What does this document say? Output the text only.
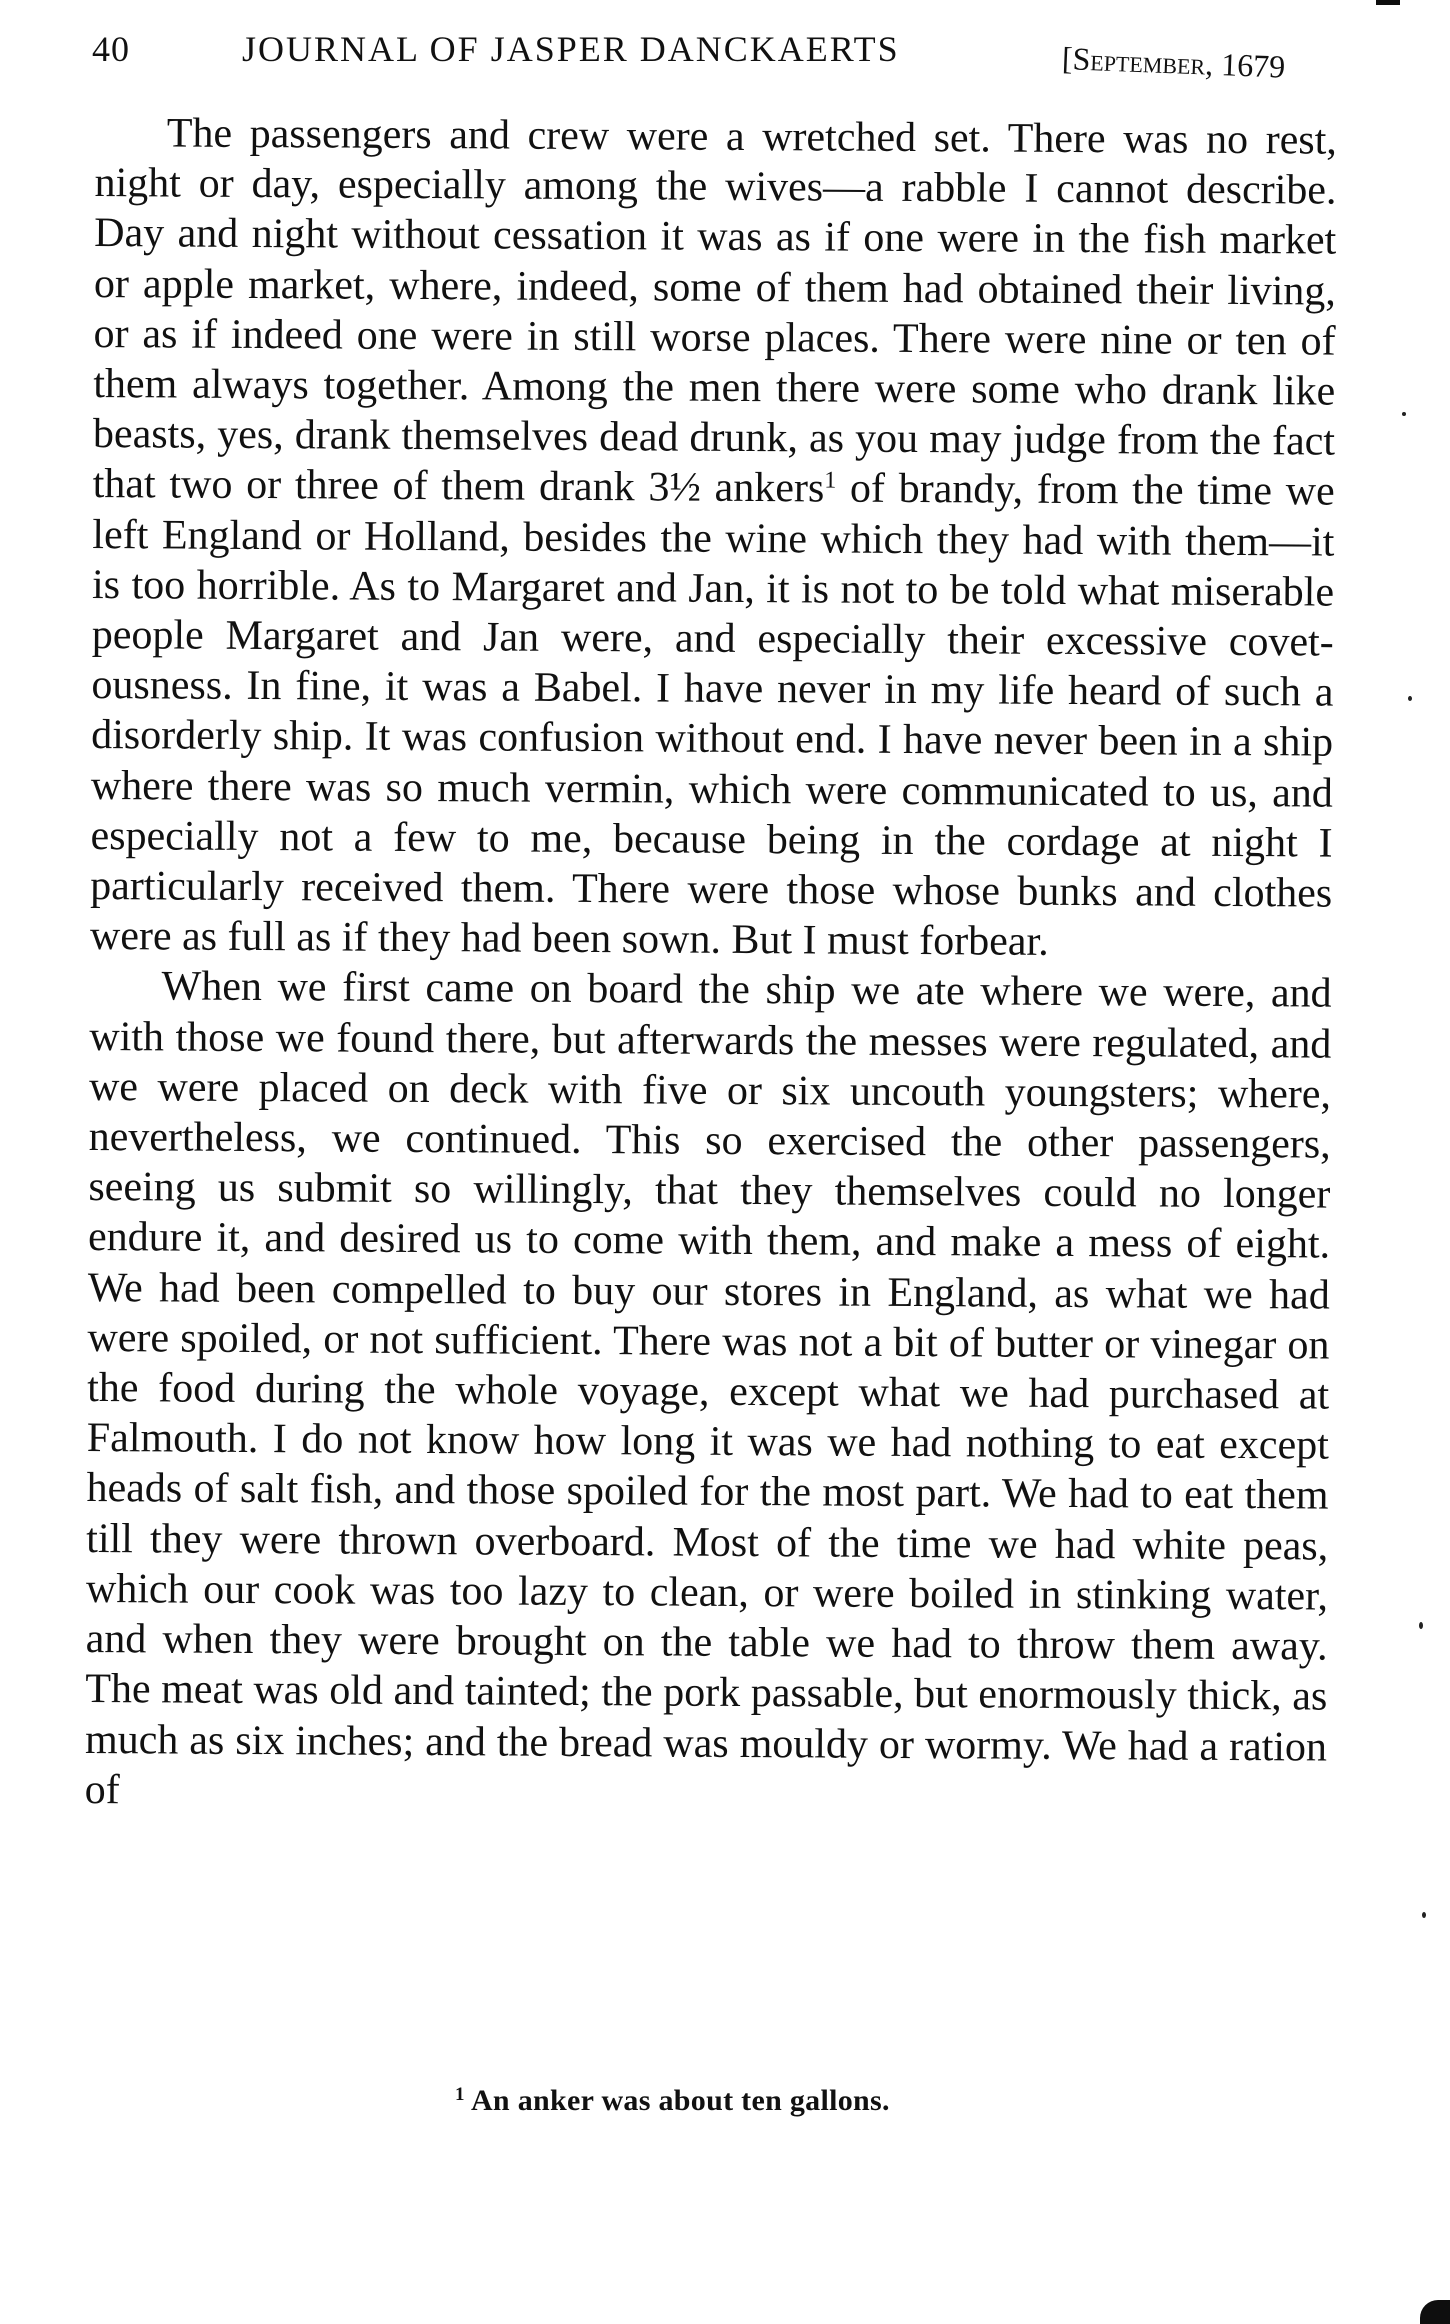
40	JOURNAL OF JASPER DANCKAERTS	[September, 1679

The passengers and crew were a wretched set. There was no rest, night or day, especially among the wives—a rabble I cannot describe. Day and night without cessation it was as if one were in the fish market or apple market, where, indeed, some of them had obtained their living, or as if indeed one were in still worse places. There were nine or ten of them always together. Among the men there were some who drank like beasts, yes, drank themselves dead drunk, as you may judge from the fact that two or three of them drank 3½ ankers$^1$ of brandy, from the time we left England or Holland, besides the wine which they had with them—it is too horrible. As to Margaret and Jan, it is not to be told what miserable people Margaret and Jan were, and especially their excessive covetousness. In fine, it was a Babel. I have never in my life heard of such a disorderly ship. It was confusion without end. I have never been in a ship where there was so much vermin, which were communicated to us, and especially not a few to me, because being in the cordage at night I particularly received them. There were those whose bunks and clothes were as full as if they had been sown. But I must forbear.

When we first came on board the ship we ate where we were, and with those we found there, but afterwards the messes were regulated, and we were placed on deck with five or six uncouth youngsters; where, nevertheless, we continued. This so exercised the other passengers, seeing us submit so willingly, that they themselves could no longer endure it, and desired us to come with them, and make a mess of eight. We had been compelled to buy our stores in England, as what we had were spoiled, or not sufficient. There was not a bit of butter or vinegar on the food during the whole voyage, except what we had purchased at Falmouth. I do not know how long it was we had nothing to eat except heads of salt fish, and those spoiled for the most part. We had to eat them till they were thrown overboard. Most of the time we had white peas, which our cook was too lazy to clean, or were boiled in stinking water, and when they were brought on the table we had to throw them away. The meat was old and tainted; the pork passable, but enormously thick, as much as six inches; and the bread was mouldy or wormy. We had a ration of

$^1$ An anker was about ten gallons.
